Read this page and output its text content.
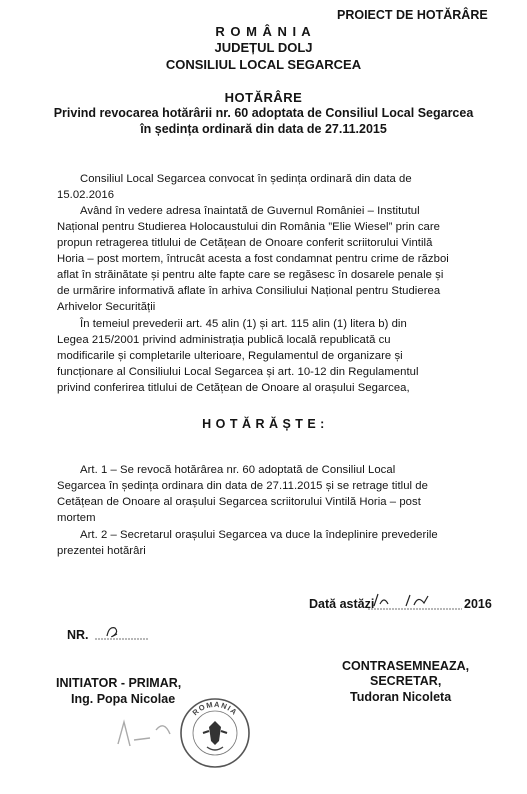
PROIECT DE HOTĂRÂRE
R O M Â N I A
JUDEȚUL DOLJ
CONSILIUL LOCAL SEGARCEA
HOTĂRÂRE
Privind revocarea hotărârii nr. 60 adoptata de Consiliul Local Segarcea
în ședința ordinară din data de 27.11.2015
Consiliul Local Segarcea convocat în ședința ordinară din data de
15.02.2016
Având în vedere adresa înaintată de Guvernul României – Institutul
Național pentru Studierea Holocaustului din România ”Elie Wiesel” prin care
propun retragerea titlului de Cetățean de Onoare conferit scriitorului Vintilă
Horia – post mortem, întrucât acesta a fost condamnat pentru crime de război
aflat în străinătate și pentru alte fapte care se regăsesc în dosarele penale și
de urmărire informativă aflate în arhiva Consiliului Național pentru Studierea
Arhivelor Securității
În temeiul prevederii art. 45 alin (1) și art. 115 alin (1) litera b) din
Legea 215/2001 privind administrația publică locală republicată cu
modificarile și completarile ulterioare, Regulamentul de organizare și
funcționare al Consiliului Local Segarcea și art. 10-12 din Regulamentul
privind conferirea titlului de Cetățean de Onoare al orașului Segarcea,
H O T Ă R Ă Ș T E :
Art. 1 – Se revocă hotărârea nr. 60 adoptată de Consiliul Local
Segarcea în ședința ordinara din data de 27.11.2015 și se retrage titlul de
Cetățean de Onoare al orașului Segarcea scriitorului Vintilă Horia – post
mortem
Art. 2 – Secretarul orașului Segarcea va duce la îndeplinire prevederile
prezentei hotărâri
Dată astăzi	2016
NR.
CONTRASEMNEAZA,
SECRETAR,
Tudoran Nicoleta
INITIATOR - PRIMAR,
Ing. Popa Nicolae
ROMANIA
